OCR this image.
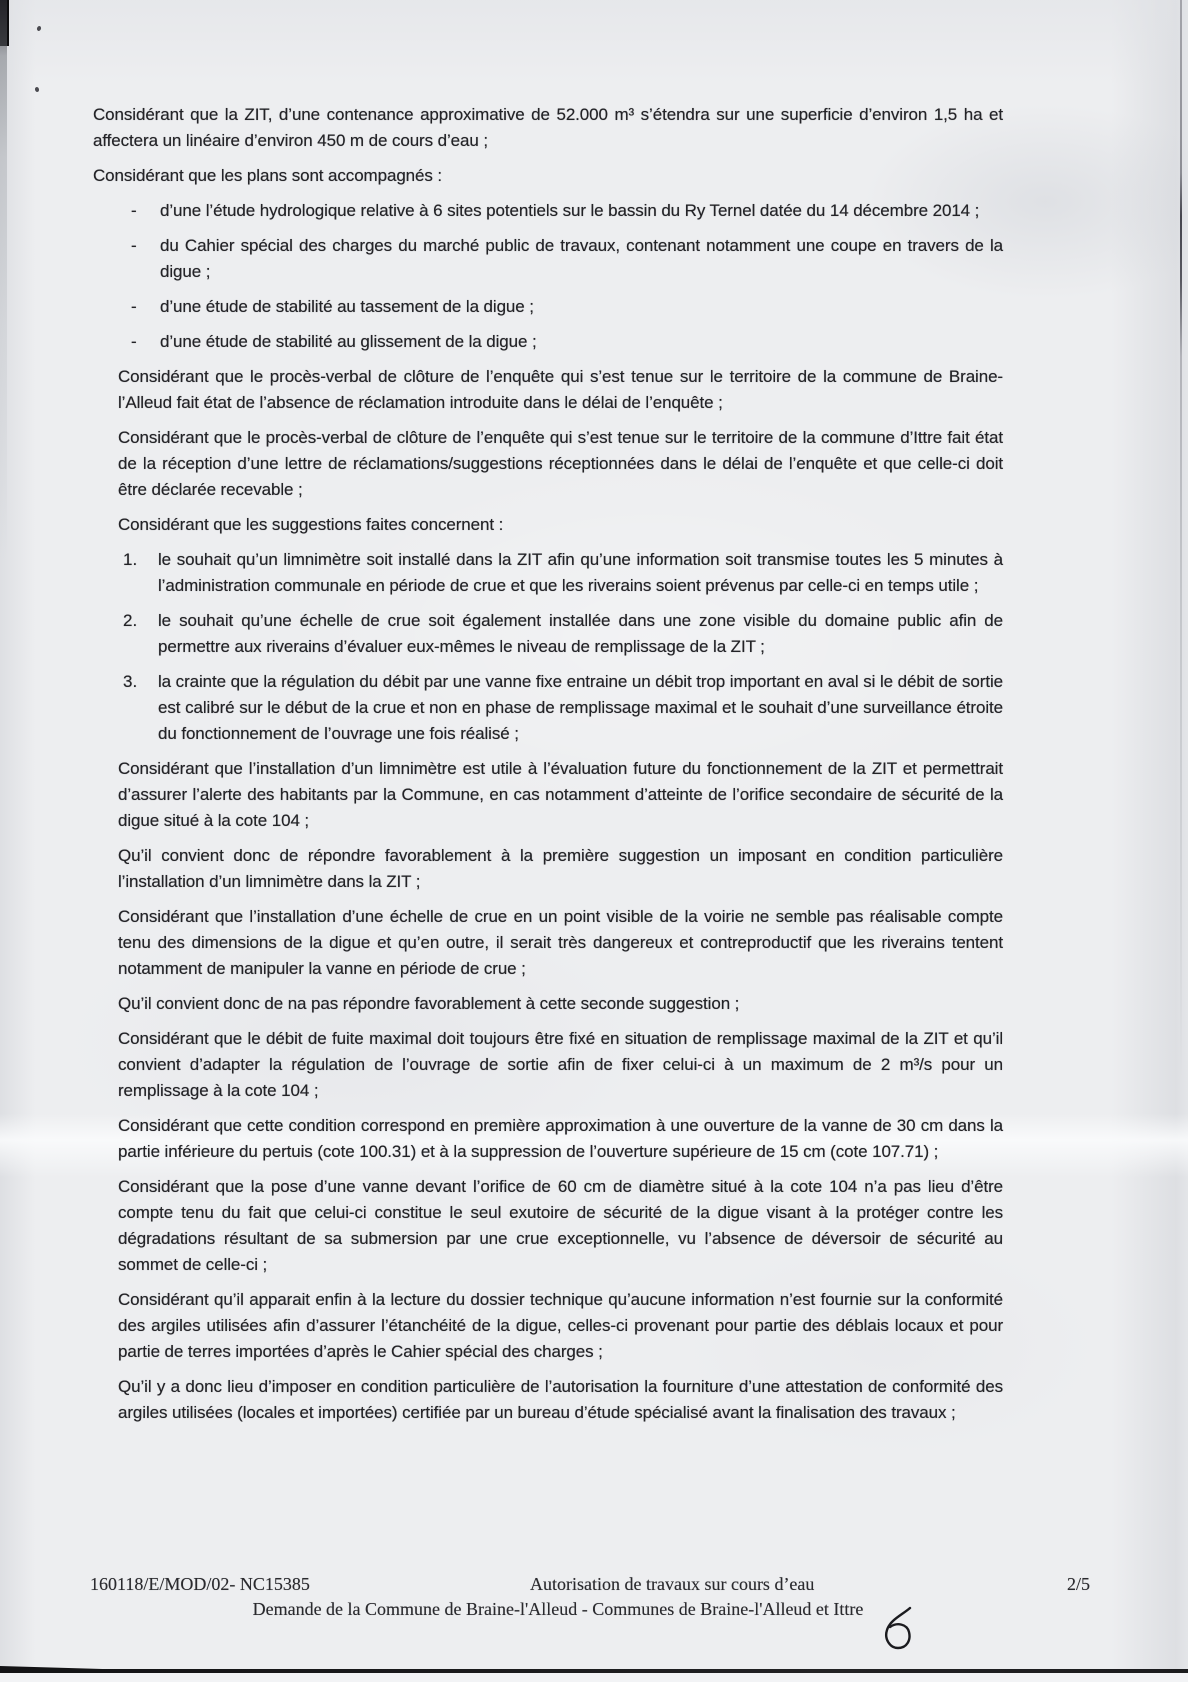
Considérant que la ZIT, d’une contenance approximative de 52.000 m³ s’étendra sur une superficie d’environ 1,5 ha et affectera un linéaire d’environ 450 m de cours d’eau ;

Considérant que les plans sont accompagnés :

-	d’une l’étude hydrologique relative à 6 sites potentiels sur le bassin du Ry Ternel datée du 14 décembre 2014 ;
-	du Cahier spécial des charges du marché public de travaux, contenant notamment une coupe en travers de la digue ;
-	d’une étude de stabilité au tassement de la digue ;
-	d’une étude de stabilité au glissement de la digue ;

Considérant que le procès-verbal de clôture de l’enquête qui s’est tenue sur le territoire de la commune de Braine-l’Alleud fait état de l’absence de réclamation introduite dans le délai de l’enquête ;

Considérant que le procès-verbal de clôture de l’enquête qui s’est tenue sur le territoire de la commune d’Ittre fait état de la réception d’une lettre de réclamations/suggestions réceptionnées dans le délai de l’enquête et que celle-ci doit être déclarée recevable ;

Considérant que les suggestions faites concernent :

1.	le souhait qu’un limnimètre soit installé dans la ZIT afin qu’une information soit transmise toutes les 5 minutes à l’administration communale en période de crue et que les riverains soient prévenus par celle-ci en temps utile ;
2.	le souhait qu’une échelle de crue soit également installée dans une zone visible du domaine public afin de permettre aux riverains d’évaluer eux-mêmes le niveau de remplissage de la ZIT ;
3.	la crainte que la régulation du débit par une vanne fixe entraine un débit trop important en aval si le débit de sortie est calibré sur le début de la crue et non en phase de remplissage maximal et le souhait d’une surveillance étroite du fonctionnement de l’ouvrage une fois réalisé ;

Considérant que l’installation d’un limnimètre est utile à l’évaluation future du fonctionnement de la ZIT et permettrait d’assurer l’alerte des habitants par la Commune, en cas notamment d’atteinte de l’orifice secondaire de sécurité de la digue situé à la cote 104 ;

Qu’il convient donc de répondre favorablement à la première suggestion un imposant en condition particulière l’installation d’un limnimètre dans la ZIT ;

Considérant que l’installation d’une échelle de crue en un point visible de la voirie ne semble pas réalisable compte tenu des dimensions de la digue et qu’en outre, il serait très dangereux et contreproductif que les riverains tentent notamment de manipuler la vanne en période de crue ;

Qu’il convient donc de na pas répondre favorablement à cette seconde suggestion ;

Considérant que le débit de fuite maximal doit toujours être fixé en situation de remplissage maximal de la ZIT et qu’il convient d’adapter la régulation de l’ouvrage de sortie afin de fixer celui-ci à un maximum de 2 m³/s pour un remplissage à la cote 104 ;

Considérant que cette condition correspond en première approximation à une ouverture de la vanne de 30 cm dans la partie inférieure du pertuis (cote 100.31) et à la suppression de l’ouverture supérieure de 15 cm (cote 107.71) ;

Considérant que la pose d’une vanne devant l’orifice de 60 cm de diamètre situé à la cote 104 n’a pas lieu d’être compte tenu du fait que celui-ci constitue le seul exutoire de sécurité de la digue visant à la protéger contre les dégradations résultant de sa submersion par une crue exceptionnelle, vu l’absence de déversoir de sécurité au sommet de celle-ci ;

Considérant qu’il apparait enfin à la lecture du dossier technique qu’aucune information n’est fournie sur la conformité des argiles utilisées afin d’assurer l’étanchéité de la digue, celles-ci provenant pour partie des déblais locaux et pour partie de terres importées d’après le Cahier spécial des charges ;

Qu’il y a donc lieu d’imposer en condition particulière de l’autorisation la fourniture d’une attestation de conformité des argiles utilisées (locales et importées) certifiée par un bureau d’étude spécialisé avant la finalisation des travaux ;

160118/E/MOD/02- NC15385	Autorisation de travaux sur cours d’eau	2/5
Demande de la Commune de Braine-l'Alleud - Communes de Braine-l'Alleud et Ittre
